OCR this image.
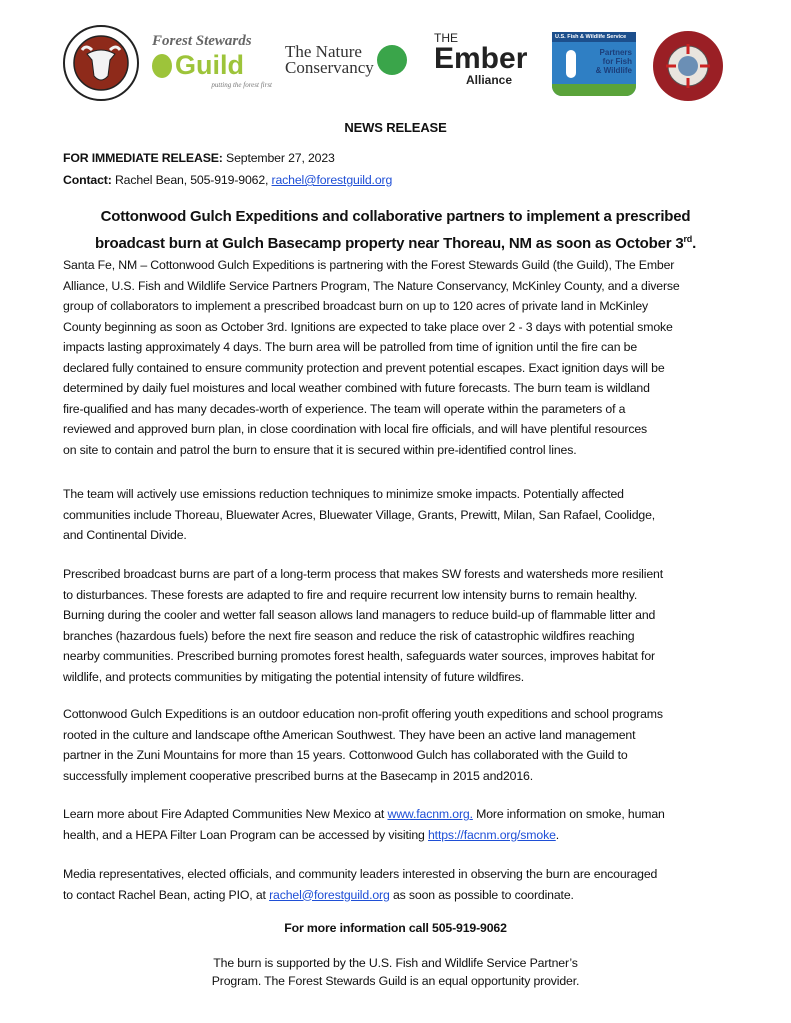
Forest Stewards
Guild
putting the forest first
The Nature
Conservancy
THE
Ember
Alliance
U.S. Fish & Wildlife Service
Partners
for Fish
& Wildlife
NEWS RELEASE
FOR IMMEDIATE RELEASE: September 27, 2023
Contact: Rachel Bean, 505-919-9062, rachel@forestguild.org
Cottonwood Gulch Expeditions and collaborative partners to implement a prescribed
broadcast burn at Gulch Basecamp property near Thoreau, NM as soon as October 3rd.
Santa Fe, NM – Cottonwood Gulch Expeditions is partnering with the Forest Stewards Guild (the Guild), The Ember
Alliance, U.S. Fish and Wildlife Service Partners Program, The Nature Conservancy, McKinley County, and a diverse
group of collaborators to implement a prescribed broadcast burn on up to 120 acres of private land in McKinley
County beginning as soon as October 3rd. Ignitions are expected to take place over 2 - 3 days with potential smoke
impacts lasting approximately 4 days. The burn area will be patrolled from time of ignition until the fire can be
declared fully contained to ensure community protection and prevent potential escapes. Exact ignition days will be
determined by daily fuel moistures and local weather combined with future forecasts. The burn team is wildland
fire-qualified and has many decades-worth of experience. The team will operate within the parameters of a
reviewed and approved burn plan, in close coordination with local fire officials, and will have plentiful resources
on site to contain and patrol the burn to ensure that it is secured within pre-identified control lines.
The team will actively use emissions reduction techniques to minimize smoke impacts. Potentially affected
communities include Thoreau, Bluewater Acres, Bluewater Village, Grants, Prewitt, Milan, San Rafael, Coolidge,
and Continental Divide.
Prescribed broadcast burns are part of a long-term process that makes SW forests and watersheds more resilient
to disturbances. These forests are adapted to fire and require recurrent low intensity burns to remain healthy.
Burning during the cooler and wetter fall season allows land managers to reduce build-up of flammable litter and
branches (hazardous fuels) before the next fire season and reduce the risk of catastrophic wildfires reaching
nearby communities. Prescribed burning promotes forest health, safeguards water sources, improves habitat for
wildlife, and protects communities by mitigating the potential intensity of future wildfires.
Cottonwood Gulch Expeditions is an outdoor education non-profit offering youth expeditions and school programs
rooted in the culture and landscape ofthe American Southwest. They have been an active land management
partner in the Zuni Mountains for more than 15 years. Cottonwood Gulch has collaborated with the Guild to
successfully implement cooperative prescribed burns at the Basecamp in 2015 and2016.
Learn more about Fire Adapted Communities New Mexico at www.facnm.org. More information on smoke, human
health, and a HEPA Filter Loan Program can be accessed by visiting https://facnm.org/smoke.
Media representatives, elected officials, and community leaders interested in observing the burn are encouraged
to contact Rachel Bean, acting PIO, at rachel@forestguild.org as soon as possible to coordinate.
For more information call 505-919-9062
The burn is supported by the U.S. Fish and Wildlife Service Partner’s
Program. The Forest Stewards Guild is an equal opportunity provider.
